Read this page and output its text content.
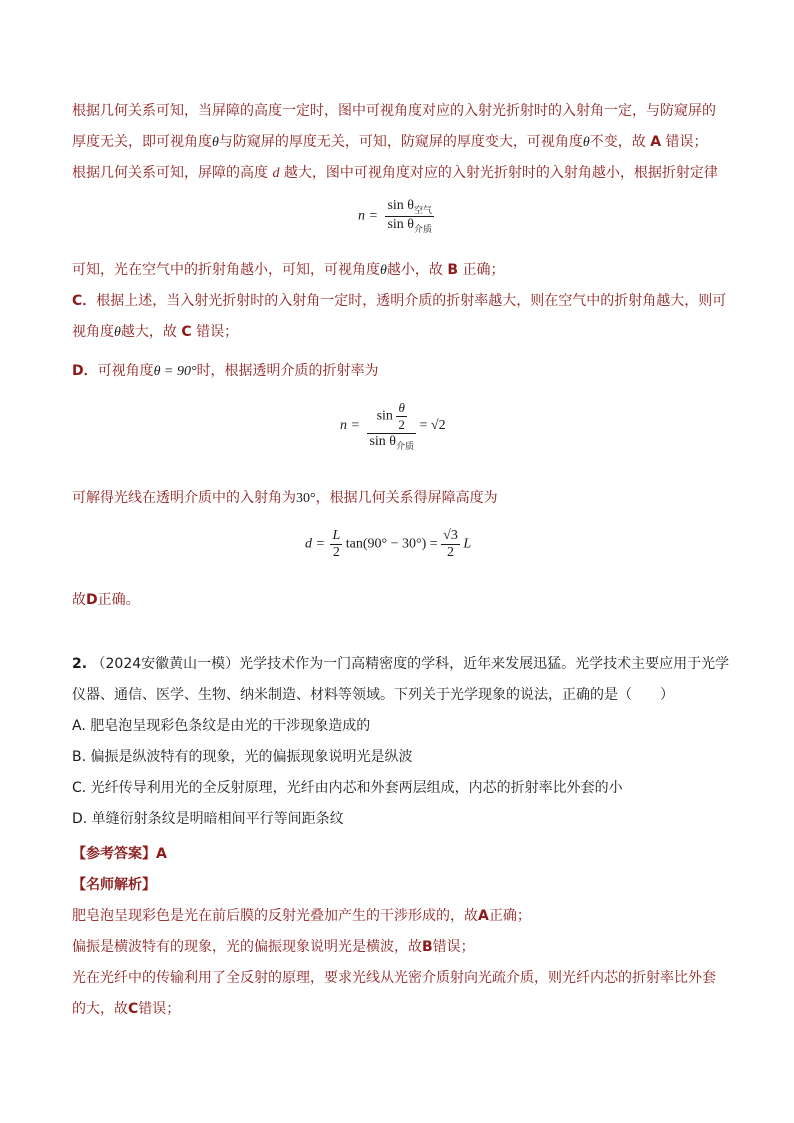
根据几何关系可知，当屏障的高度一定时，图中可视角度对应的入射光折射时的入射角一定，与防窥屏的
厚度无关，即可视角度θ与防窥屏的厚度无关，可知，防窥屏的厚度变大，可视角度θ不变，故 A 错误；
根据几何关系可知，屏障的高度 d 越大，图中可视角度对应的入射光折射时的入射角越小，根据折射定律
$n = \frac{\sin \theta_{空气}}{\sin \theta_{介质}}$
可知，光在空气中的折射角越小，可知，可视角度θ越小，故 B 正确；
C．根据上述，当入射光折射时的入射角一定时，透明介质的折射率越大，则在空气中的折射角越大，则可
视角度θ越大，故 C 错误；
D．可视角度θ = 90°时，根据透明介质的折射率为
$n = \frac{\sin \frac{\theta}{2}}{\sin \theta_{介质}} = √2$
可解得光线在透明介质中的入射角为30°，根据几何关系得屏障高度为
$d = \frac{L}{2} \tan(90^\circ - 30^\circ) = \frac{√3}{2}$ L
故D正确。
2. （2024安徽黄山一模）光学技术作为一门高精密度的学科，近年来发展迅猛。光学技术主要应用于光学
仪器、通信、医学、生物、纳米制造、材料等领域。下列关于光学现象的说法，正确的是（　　）
A. 肥皂泡呈现彩色条纹是由光的干涉现象造成的
B. 偏振是纵波特有的现象，光的偏振现象说明光是纵波
C. 光纤传导利用光的全反射原理，光纤由内芯和外套两层组成，内芯的折射率比外套的小
D. 单缝衍射条纹是明暗相间平行等间距条纹
【参考答案】A
【名师解析】
肥皂泡呈现彩色是光在前后膜的反射光叠加产生的干涉形成的，故A正确；
偏振是横波特有的现象，光的偏振现象说明光是横波，故B错误；
光在光纤中的传输利用了全反射的原理，要求光线从光密介质射向光疏介质，则光纤内芯的折射率比外套
的大，故C错误；
